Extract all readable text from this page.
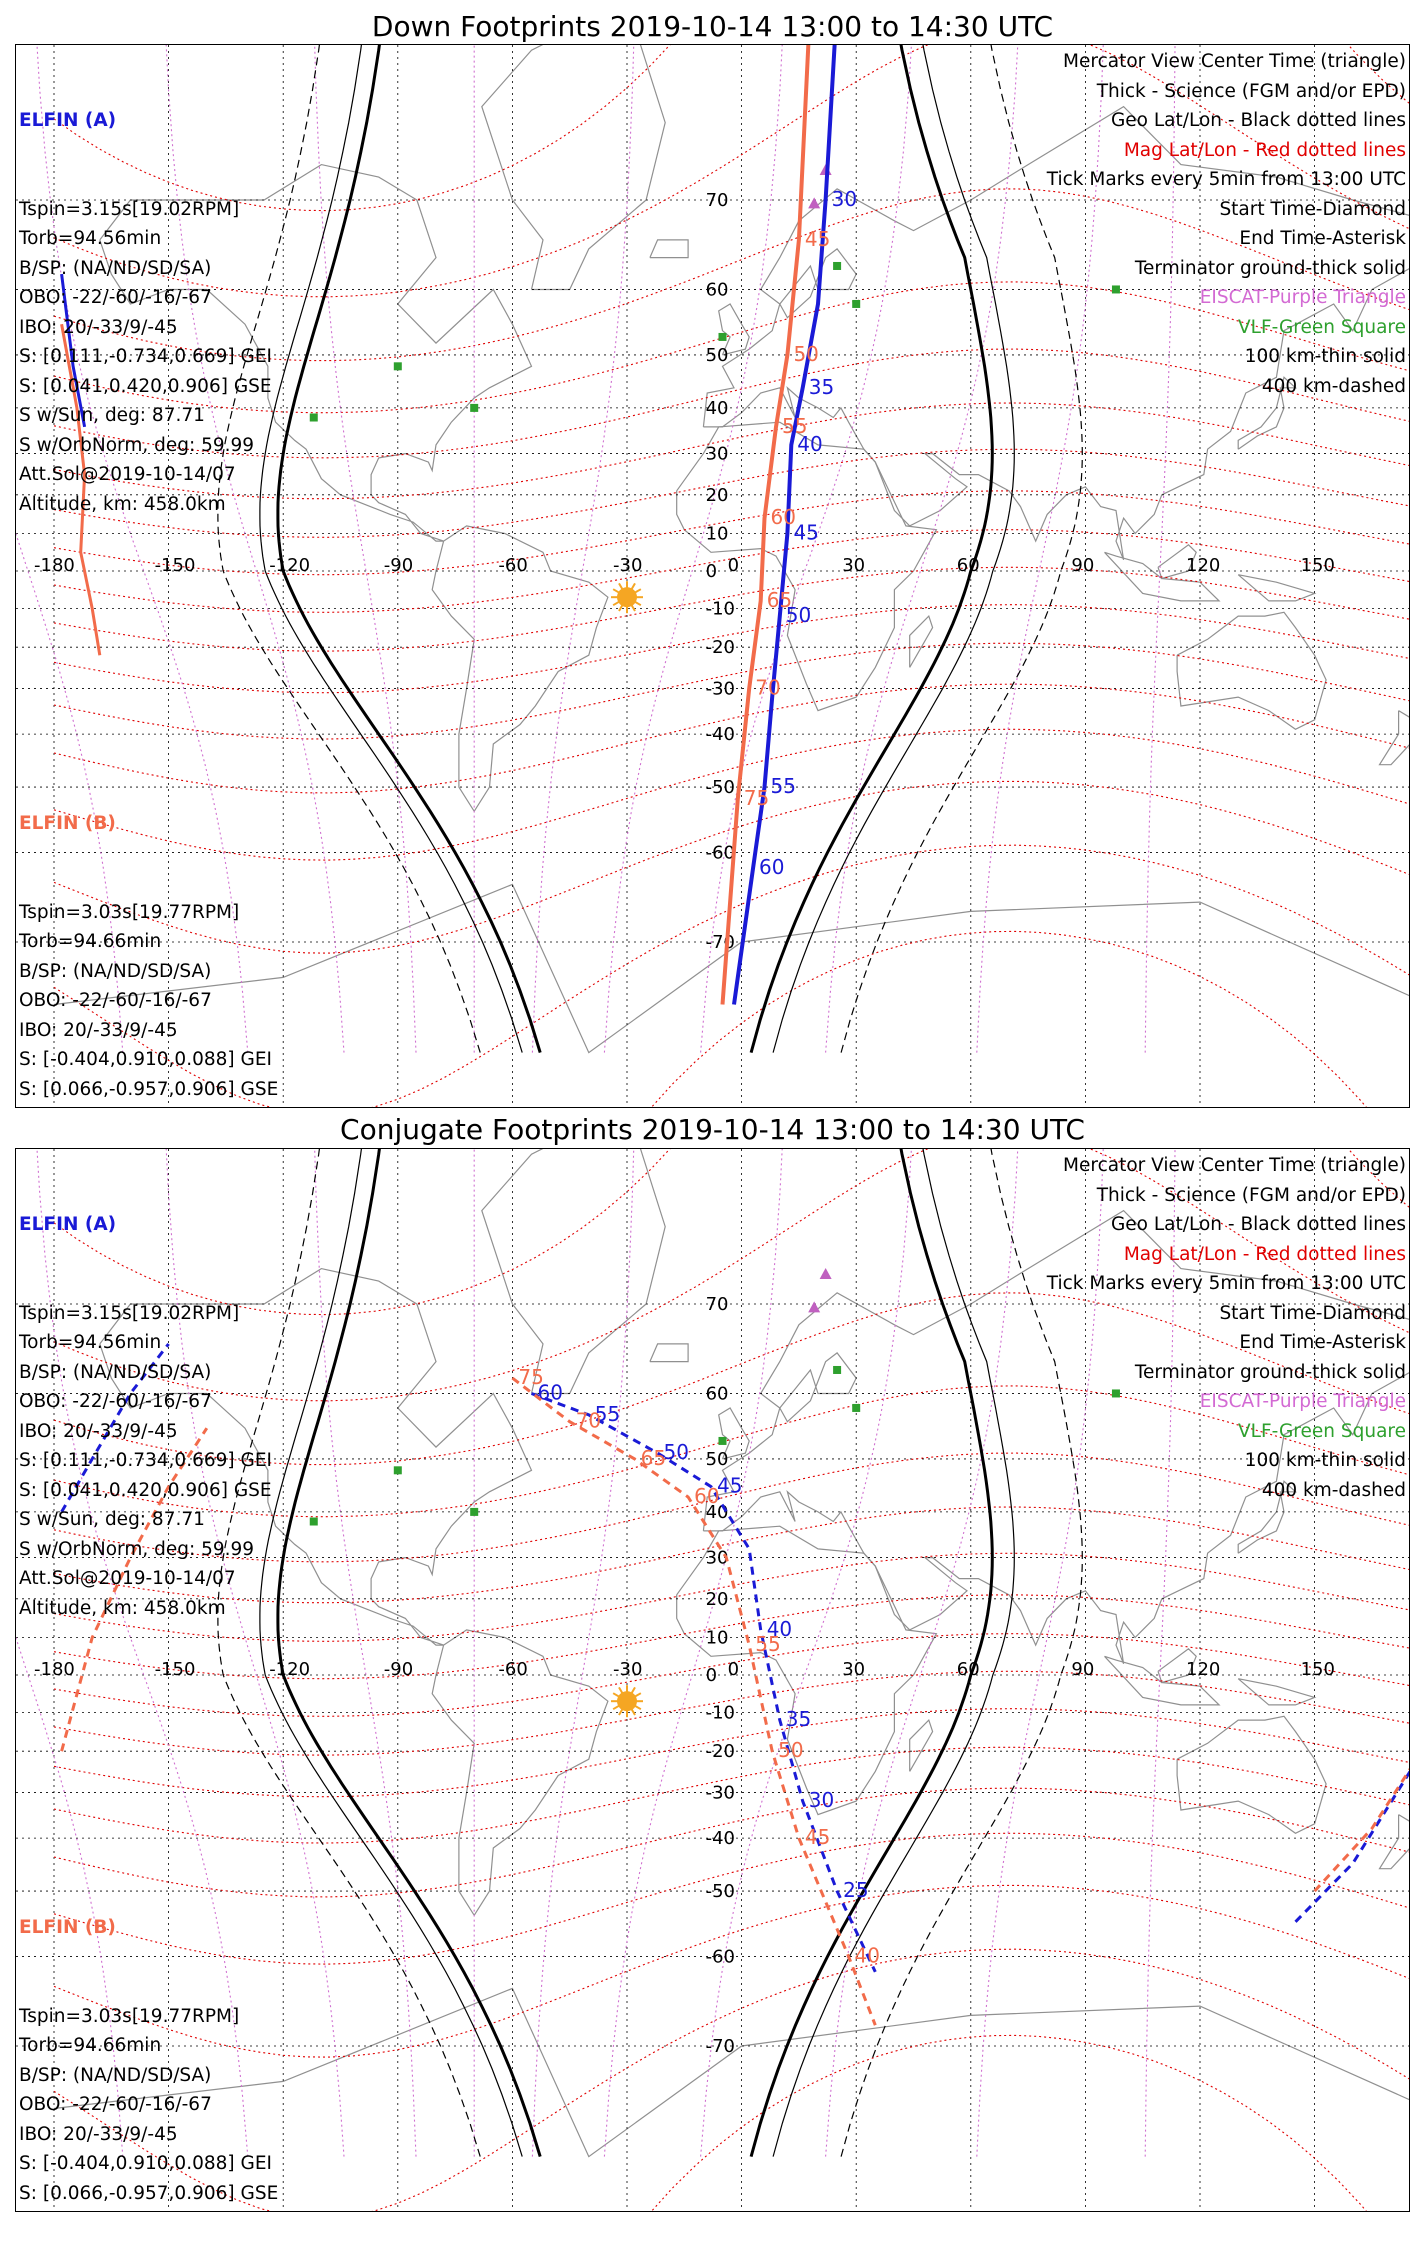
Down Footprints 2019-10-14 13:00 to 14:30 UTC
-180	-150	-120	-90	-60	-30	0	30	60	90	120	150
-70
-60
-50
-40
-30
-20
-10
0
10
20
30
40
50
60
70	30
35
40
45
50
55
60
45
50
55
60
65
70
75

ELFIN (A)

Tspin=3.15s[19.02RPM]
Torb=94.56min
B/SP: (NA/ND/SD/SA)
OBO: -22/-60/-16/-67
IBO: 20/-33/9/-45
S: [0.111,-0.734,0.669] GEI
S: [0.041,0.420,0.906] GSE
S w/Sun, deg: 87.71
S w/OrbNorm, deg: 59.99
Att.Sol@2019-10-14/07
Altitude, km: 458.0km

Mercator View Center Time (triangle)
Thick - Science (FGM and/or EPD)
Geo Lat/Lon - Black dotted lines
Mag Lat/Lon - Red dotted lines
Tick Marks every 5min from 13:00 UTC
Start Time-Diamond
End Time-Asterisk
Terminator ground-thick solid
EISCAT-Purple Triangle
VLF-Green Square
100 km-thin solid
400 km-dashed

ELFIN (B)

Tspin=3.03s[19.77RPM]
Torb=94.66min
B/SP: (NA/ND/SD/SA)
OBO: -22/-60/-16/-67
IBO: 20/-33/9/-45
S: [-0.404,0.910,0.088] GEI
S: [0.066,-0.957,0.906] GSE

Conjugate Footprints 2019-10-14 13:00 to 14:30 UTC
-180	-150	-120	-90	-60	-30	0	30	60	90	120	150
-70
-60
-50
-40
-30
-20
-10
0
10
20
30
40
50
60
70
60
55
50
45
40
35
30
25
75
70
65
60
55
50
45
40

ELFIN (A)

Tspin=3.15s[19.02RPM]
Torb=94.56min
B/SP: (NA/ND/SD/SA)
OBO: -22/-60/-16/-67
IBO: 20/-33/9/-45
S: [0.111,-0.734,0.669] GEI
S: [0.041,0.420,0.906] GSE
S w/Sun, deg: 87.71
S w/OrbNorm, deg: 59.99
Att.Sol@2019-10-14/07
Altitude, km: 458.0km

Mercator View Center Time (triangle)
Thick - Science (FGM and/or EPD)
Geo Lat/Lon - Black dotted lines
Mag Lat/Lon - Red dotted lines
Tick Marks every 5min from 13:00 UTC
Start Time-Diamond
End Time-Asterisk
Terminator ground-thick solid
EISCAT-Purple Triangle
VLF-Green Square
100 km-thin solid
400 km-dashed

ELFIN (B)

Tspin=3.03s[19.77RPM]
Torb=94.66min
B/SP: (NA/ND/SD/SA)
OBO: -22/-60/-16/-67
IBO: 20/-33/9/-45
S: [-0.404,0.910,0.088] GEI
S: [0.066,-0.957,0.906] GSE
